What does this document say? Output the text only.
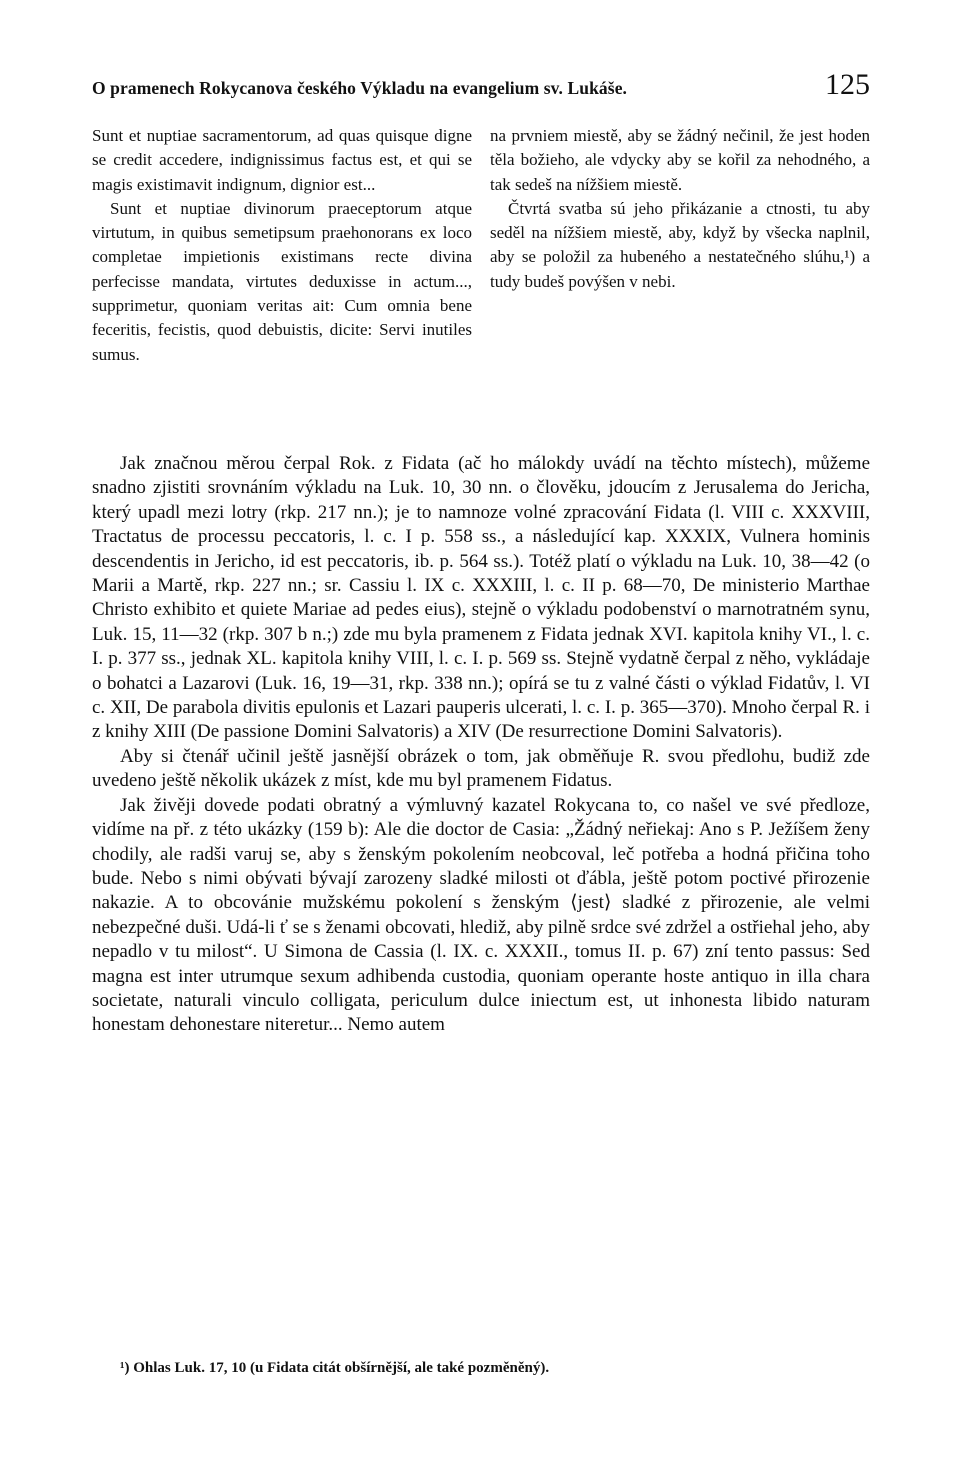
O pramenech Rokycanova českého Výkladu na evangelium sv. Lukáše.	125

Sunt et nuptiae sacramentorum, ad quas quisque digne se credit accedere, indignissimus factus est, et qui se magis existimavit indignum, dignior est...

Sunt et nuptiae divinorum praeceptorum atque virtutum, in quibus semetipsum praehonorans ex loco completae impietionis existimans recte divina perfecisse mandata, virtutes deduxisse in actum..., supprimetur, quoniam veritas ait: Cum omnia bene feceritis, fecistis, quod debuistis, dicite: Servi inutiles sumus.

na prvniem miestě, aby se žádný nečinil, že jest hoden těla božieho, ale vdycky aby se kořil za nehodného, a tak sedeš na nížšiem miestě.

Čtvrtá svatba sú jeho přikázanie a ctnosti, tu aby seděl na nížšiem miestě, aby, když by všecka naplnil, aby se položil za hubeného a nestatečného slúhu,¹) a tudy budeš povýšen v nebi.

Jak značnou měrou čerpal Rok. z Fidata (ač ho málokdy uvádí na těchto místech), můžeme snadno zjistiti srovnáním výkladu na Luk. 10, 30 nn. o člověku, jdoucím z Jerusalema do Jericha, který upadl mezi lotry (rkp. 217 nn.); je to namnoze volné zpracování Fidata (l. VIII c. XXXVIII, Tractatus de processu peccatoris, l. c. I p. 558 ss., a následující kap. XXXIX, Vulnera hominis descendentis in Jericho, id est peccatoris, ib. p. 564 ss.). Totéž platí o výkladu na Luk. 10, 38—42 (o Marii a Martě, rkp. 227 nn.; sr. Cassiu l. IX c. XXXIII, l. c. II p. 68—70, De ministerio Marthae Christo exhibito et quiete Mariae ad pedes eius), stejně o výkladu podobenství o marnotratném synu, Luk. 15, 11—32 (rkp. 307 b n.;) zde mu byla pramenem z Fidata jednak XVI. kapitola knihy VI., l. c. I. p. 377 ss., jednak XL. kapitola knihy VIII, l. c. I. p. 569 ss. Stejně vydatně čerpal z něho, vykládaje o bohatci a Lazarovi (Luk. 16, 19—31, rkp. 338 nn.); opírá se tu z valné části o výklad Fidatův, l. VI c. XII, De parabola divitis epulonis et Lazari pauperis ulcerati, l. c. I. p. 365—370). Mnoho čerpal R. i z knihy XIII (De passione Domini Salvatoris) a XIV (De resurrectione Domini Salvatoris).

Aby si čtenář učinil ještě jasnější obrázek o tom, jak obměňuje R. svou předlohu, budiž zde uvedeno ještě několik ukázek z míst, kde mu byl pramenem Fidatus.

Jak živěji dovede podati obratný a výmluvný kazatel Rokycana to, co našel ve své předloze, vidíme na př. z této ukázky (159 b): Ale die doctor de Casia: „Žádný neřiekaj: Ano s P. Ježíšem ženy chodily, ale radši varuj se, aby s ženským pokolením neobcoval, leč potřeba a hodná přičina toho bude. Nebo s nimi obývati bývají zarozeny sladké milosti ot ďábla, ještě potom poctivé přirozenie nakazie. A to obcovánie mužskému pokolení s ženským ⟨jest⟩ sladké z přirozenie, ale velmi nebezpečné duši. Udá-li ť se s ženami obcovati, hlediž, aby pilně srdce své zdržel a ostřiehal jeho, aby nepadlo v tu milost“. U Simona de Cassia (l. IX. c. XXXII., tomus II. p. 67) zní tento passus: Sed magna est inter utrumque sexum adhibenda custodia, quoniam operante hoste antiquo in illa chara societate, naturali vinculo colligata, periculum dulce iniectum est, ut inhonesta libido naturam honestam dehonestare niteretur... Nemo autem

¹) Ohlas Luk. 17, 10 (u Fidata citát obšírnější, ale také pozměněný).
